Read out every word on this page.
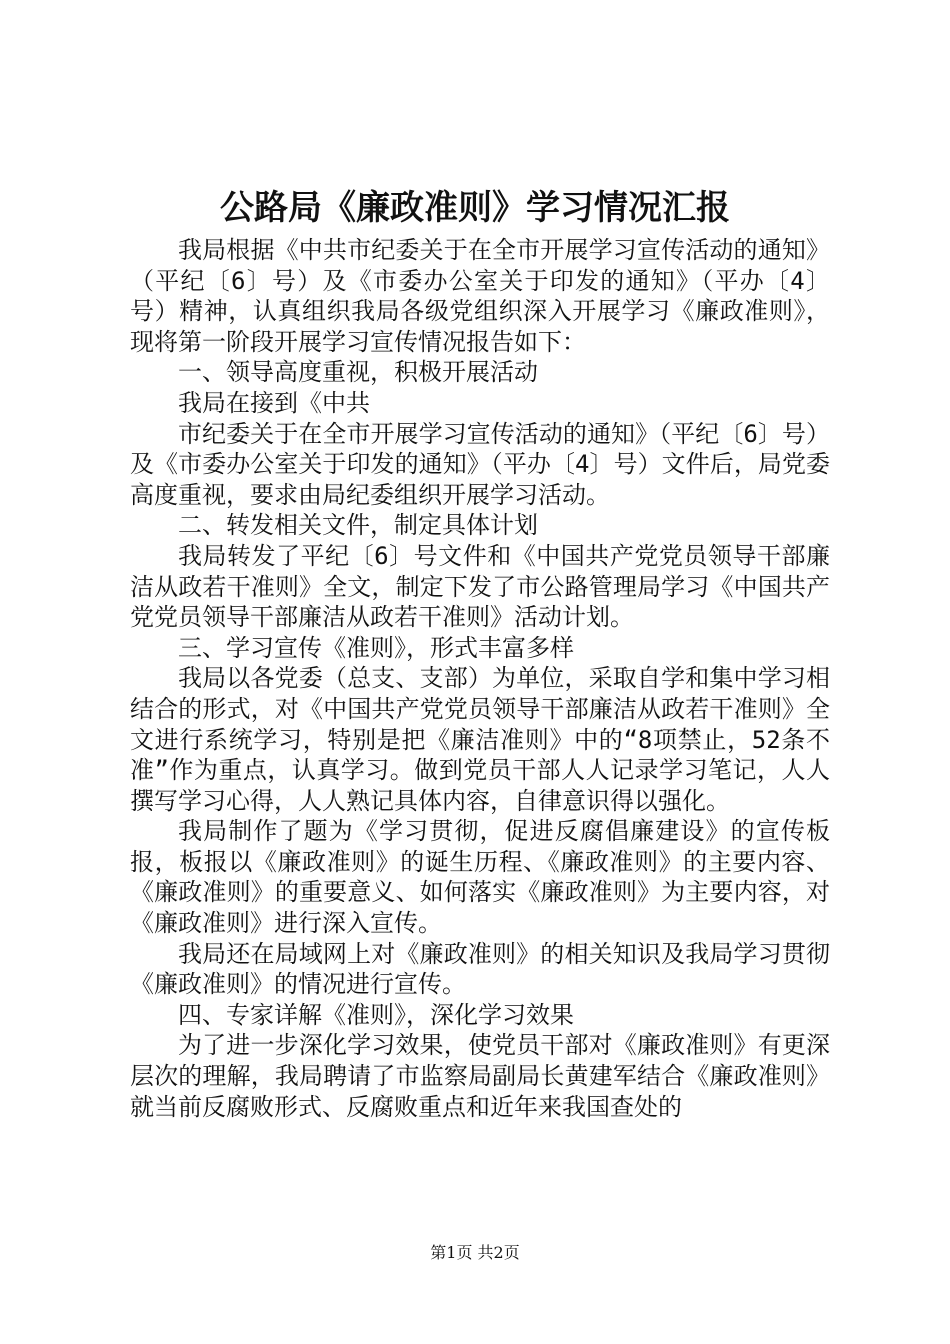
公路局《廉政准则》学习情况汇报

我局根据《中共市纪委关于在全市开展学习宣传活动的通知》（平纪〔6〕号）及《市委办公室关于印发的通知》（平办〔4〕号）精神，认真组织我局各级党组织深入开展学习《廉政准则》，现将第一阶段开展学习宣传情况报告如下：

一、领导高度重视，积极开展活动

我局在接到《中共

市纪委关于在全市开展学习宣传活动的通知》（平纪〔6〕号）及《市委办公室关于印发的通知》（平办〔4〕号）文件后，局党委高度重视，要求由局纪委组织开展学习活动。

二、转发相关文件，制定具体计划

我局转发了平纪〔6〕号文件和《中国共产党党员领导干部廉洁从政若干准则》全文，制定下发了市公路管理局学习《中国共产党党员领导干部廉洁从政若干准则》活动计划。

三、学习宣传《准则》，形式丰富多样

我局以各党委（总支、支部）为单位，采取自学和集中学习相结合的形式，对《中国共产党党员领导干部廉洁从政若干准则》全文进行系统学习，特别是把《廉洁准则》中的“8项禁止，52条不准”作为重点，认真学习。做到党员干部人人记录学习笔记，人人撰写学习心得，人人熟记具体内容，自律意识得以强化。

我局制作了题为《学习贯彻，促进反腐倡廉建设》的宣传板报，板报以《廉政准则》的诞生历程、《廉政准则》的主要内容、《廉政准则》的重要意义、如何落实《廉政准则》为主要内容，对《廉政准则》进行深入宣传。

我局还在局域网上对《廉政准则》的相关知识及我局学习贯彻《廉政准则》的情况进行宣传。

四、专家详解《准则》，深化学习效果

为了进一步深化学习效果，使党员干部对《廉政准则》有更深层次的理解，我局聘请了市监察局副局长黄建军结合《廉政准则》就当前反腐败形式、反腐败重点和近年来我国查处的

第1页 共2页
